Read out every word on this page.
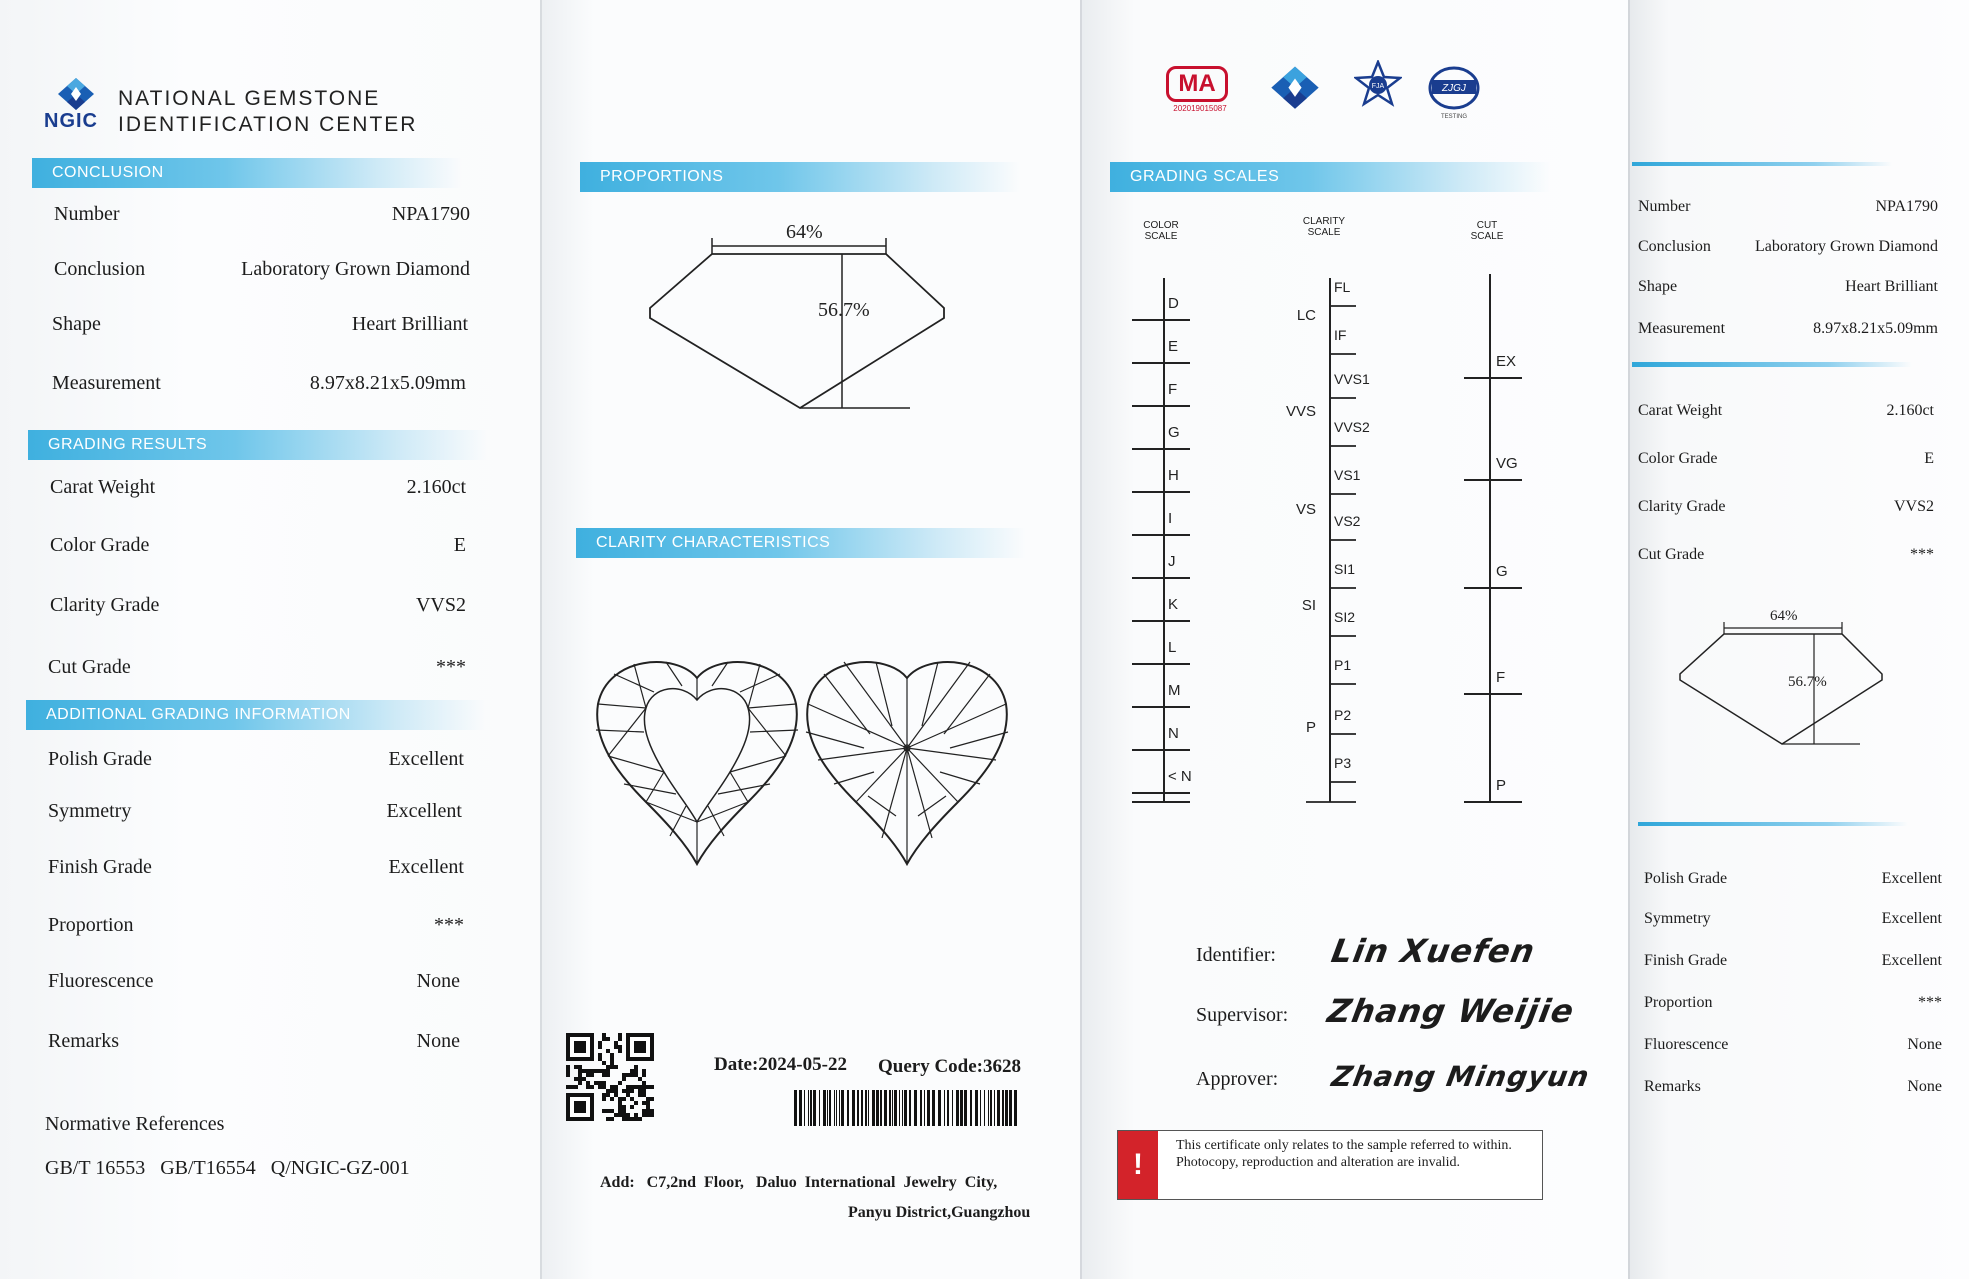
NGIC
NATIONAL GEMSTONE
IDENTIFICATION CENTER
CONCLUSION
Number	NPA1790
Conclusion	Laboratory Grown Diamond
Shape	Heart Brilliant
Measurement	8.97x8.21x5.09mm
GRADING RESULTS
Carat Weight	2.160ct
Color Grade	E
Clarity Grade	VVS2
Cut Grade	***
ADDITIONAL GRADING INFORMATION
Polish Grade	Excellent
Symmetry	Excellent
Finish Grade	Excellent
Proportion	***
Fluorescence	None
Remarks	None
Normative References
GB/T 16553   GB/T16554   Q/NGIC-GZ-001
PROPORTIONS
64%
56.7%
CLARITY CHARACTERISTICS
Date:2024-05-22 Query Code:3628
Add:   C7,2nd  Floor,   Daluo  International  Jewelry  City,
Panyu District,Guangzhou
MA
202019015087
FJA	ZJGJ
TESTING
GRADING SCALES
COLOR
SCALE
CLARITY
SCALE
CUT
SCALE
D
E
F
G
H
I
J
K
L
M
N
< N
FL
IF
VVS1
VVS2
VS1
VS2
SI1
SI2
P1
P2
P3
LC
VVS
VS
SI
P
EX
VG
G
F
P
Identifier: Lin Xuefen
Supervisor: Zhang Weijie
Approver: Zhang Mingyun
!
This certificate only relates to the sample referred to within. Photocopy, reproduction and alteration are invalid.
Number	NPA1790
Conclusion	Laboratory Grown Diamond
Shape	Heart Brilliant
Measurement	8.97x8.21x5.09mm
Carat Weight	2.160ct
Color Grade	E
Clarity Grade	VVS2
Cut Grade	***
64%
56.7%
Polish Grade	Excellent
Symmetry	Excellent
Finish Grade	Excellent
Proportion	***
Fluorescence	None
Remarks	None
